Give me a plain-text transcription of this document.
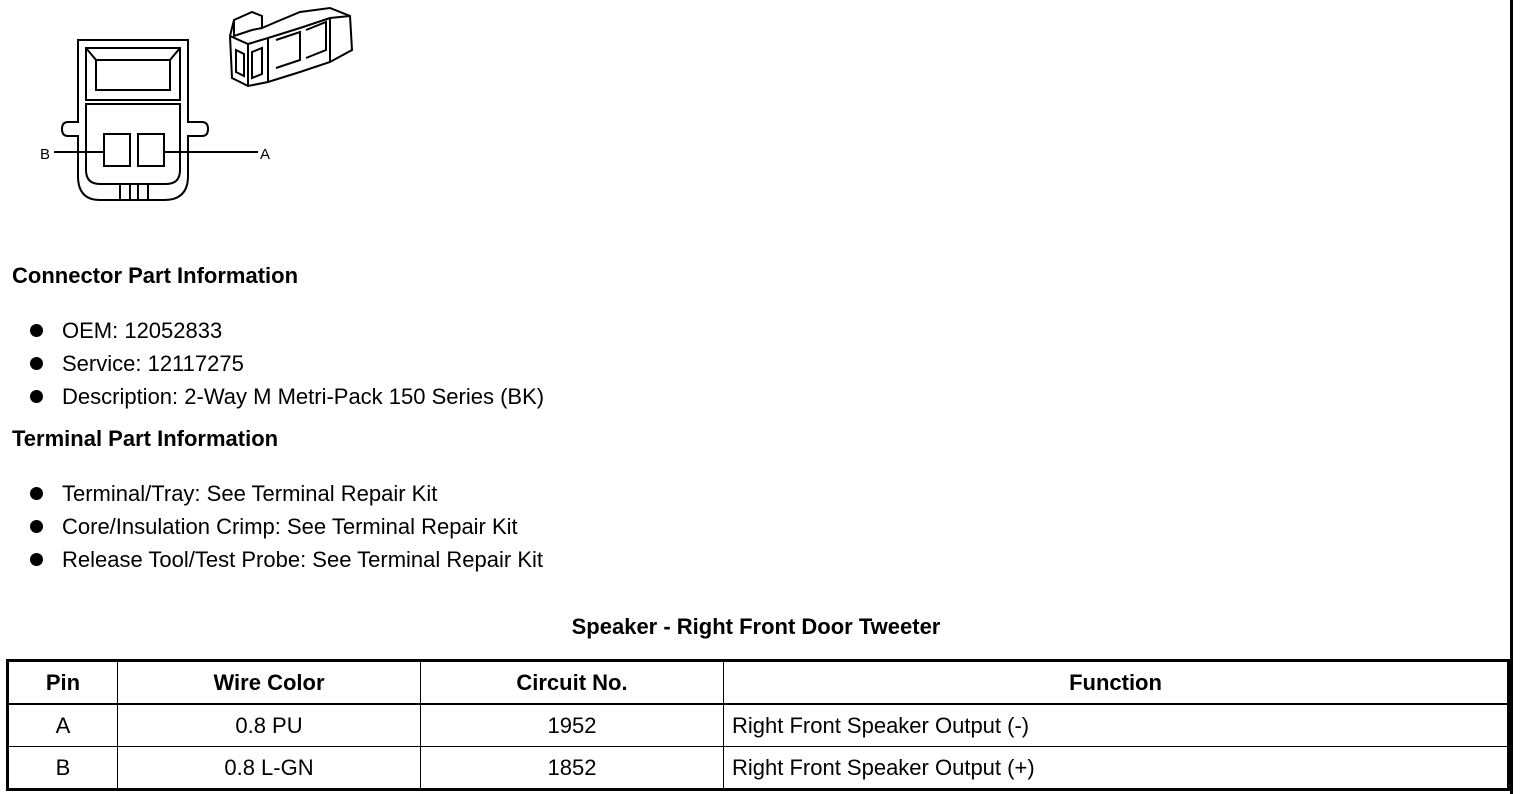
B	A
Connector Part Information
OEM: 12052833
Service: 12117275
Description: 2-Way M Metri-Pack 150 Series (BK)
Terminal Part Information
Terminal/Tray: See Terminal Repair Kit
Core/Insulation Crimp: See Terminal Repair Kit
Release Tool/Test Probe: See Terminal Repair Kit
Speaker - Right Front Door Tweeter
Pin	Wire Color	Circuit No.	Function
A	0.8 PU	1952	Right Front Speaker Output (-)
B	0.8 L-GN	1852	Right Front Speaker Output (+)
